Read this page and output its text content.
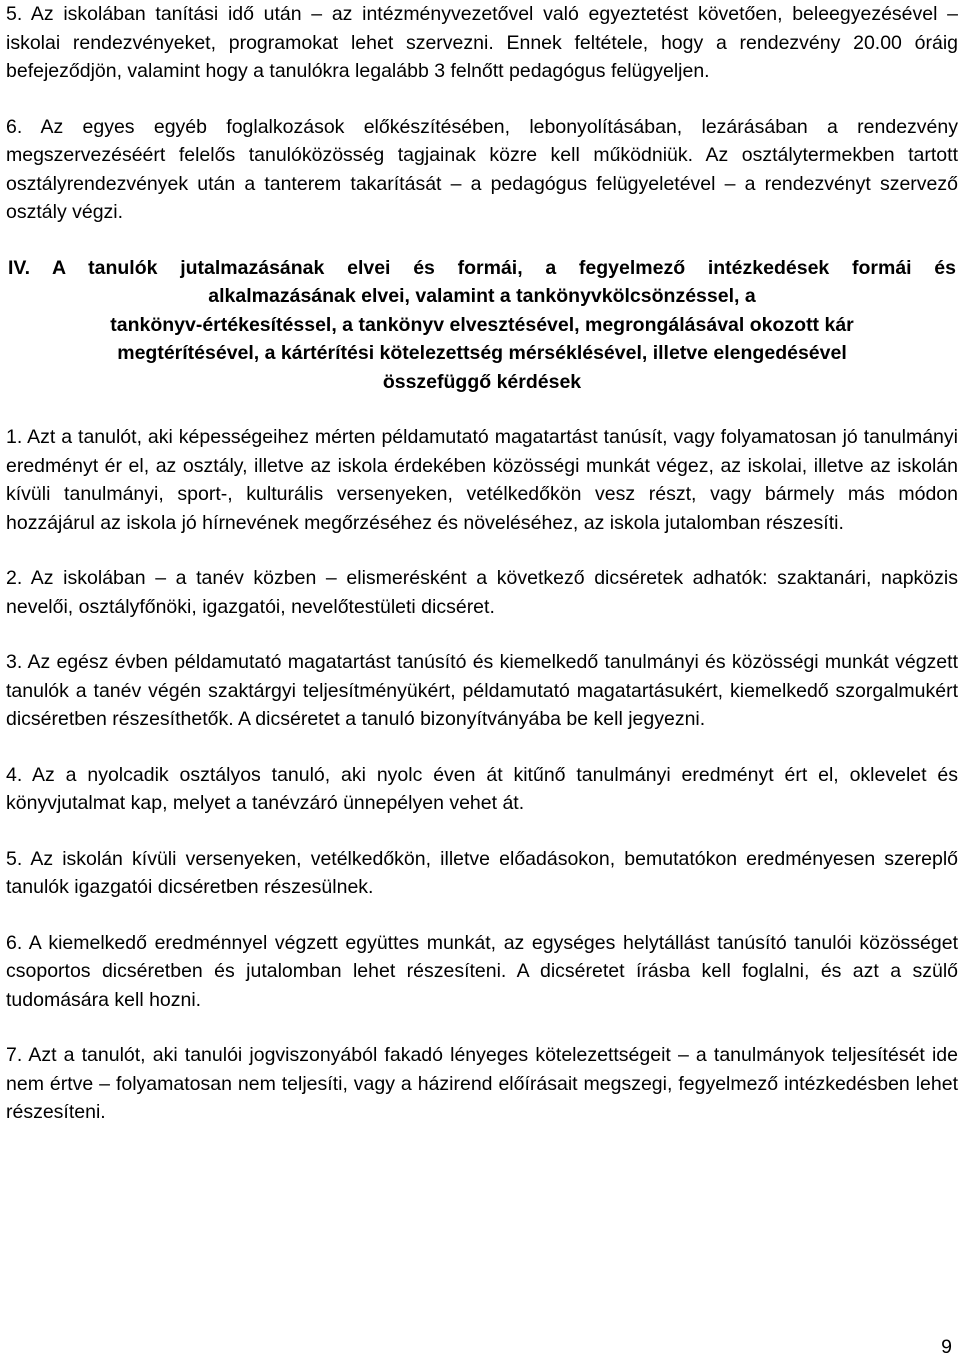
5. Az iskolában tanítási idő után – az intézményvezetővel való egyeztetést követően, beleegyezésével – iskolai rendezvényeket, programokat lehet szervezni. Ennek feltétele, hogy a rendezvény 20.00 óráig befejeződjön, valamint hogy a tanulókra legalább 3 felnőtt pedagógus felügyeljen.

6. Az egyes egyéb foglalkozások előkészítésében, lebonyolításában, lezárásában a rendezvény megszervezéséért felelős tanulóközösség tagjainak közre kell működniük. Az osztálytermekben tartott osztályrendezvények után a tanterem takarítását – a pedagógus felügyeletével – a rendezvényt szervező osztály végzi.

IV. A tanulók jutalmazásának elvei és formái, a fegyelmező intézkedések formái és
alkalmazásának elvei, valamint a tankönyvkölcsönzéssel, a
tankönyv-értékesítéssel, a tankönyv elvesztésével, megrongálásával okozott kár
megtérítésével, a kártérítési kötelezettség mérséklésével, illetve elengedésével
összefüggő kérdések

1. Azt a tanulót, aki képességeihez mérten példamutató magatartást tanúsít, vagy folyamatosan jó tanulmányi eredményt ér el, az osztály, illetve az iskola érdekében közösségi munkát végez, az iskolai, illetve az iskolán kívüli tanulmányi, sport-, kulturális versenyeken, vetélkedőkön vesz részt, vagy bármely más módon hozzájárul az iskola jó hírnevének megőrzéséhez és növeléséhez, az iskola jutalomban részesíti.

2. Az iskolában – a tanév közben – elismerésként a következő dicséretek adhatók: szaktanári, napközis nevelői, osztályfőnöki, igazgatói, nevelőtestületi dicséret.

3. Az egész évben példamutató magatartást tanúsító és kiemelkedő tanulmányi és közösségi munkát végzett tanulók a tanév végén szaktárgyi teljesítményükért, példamutató magatartásukért, kiemelkedő szorgalmukért dicséretben részesíthetők. A dicséretet a tanuló bizonyítványába be kell jegyezni.

4. Az a nyolcadik osztályos tanuló, aki nyolc éven át kitűnő tanulmányi eredményt ért el, oklevelet és könyvjutalmat kap, melyet a tanévzáró ünnepélyen vehet át.

5. Az iskolán kívüli versenyeken, vetélkedőkön, illetve előadásokon, bemutatókon eredményesen szereplő tanulók igazgatói dicséretben részesülnek.

6. A kiemelkedő eredménnyel végzett együttes munkát, az egységes helytállást tanúsító tanulói közösséget csoportos dicséretben és jutalomban lehet részesíteni. A dicséretet írásba kell foglalni, és azt a szülő tudomására kell hozni.

7. Azt a tanulót, aki tanulói jogviszonyából fakadó lényeges kötelezettségeit – a tanulmányok teljesítését ide nem értve – folyamatosan nem teljesíti, vagy a házirend előírásait megszegi, fegyelmező intézkedésben lehet részesíteni.

9
